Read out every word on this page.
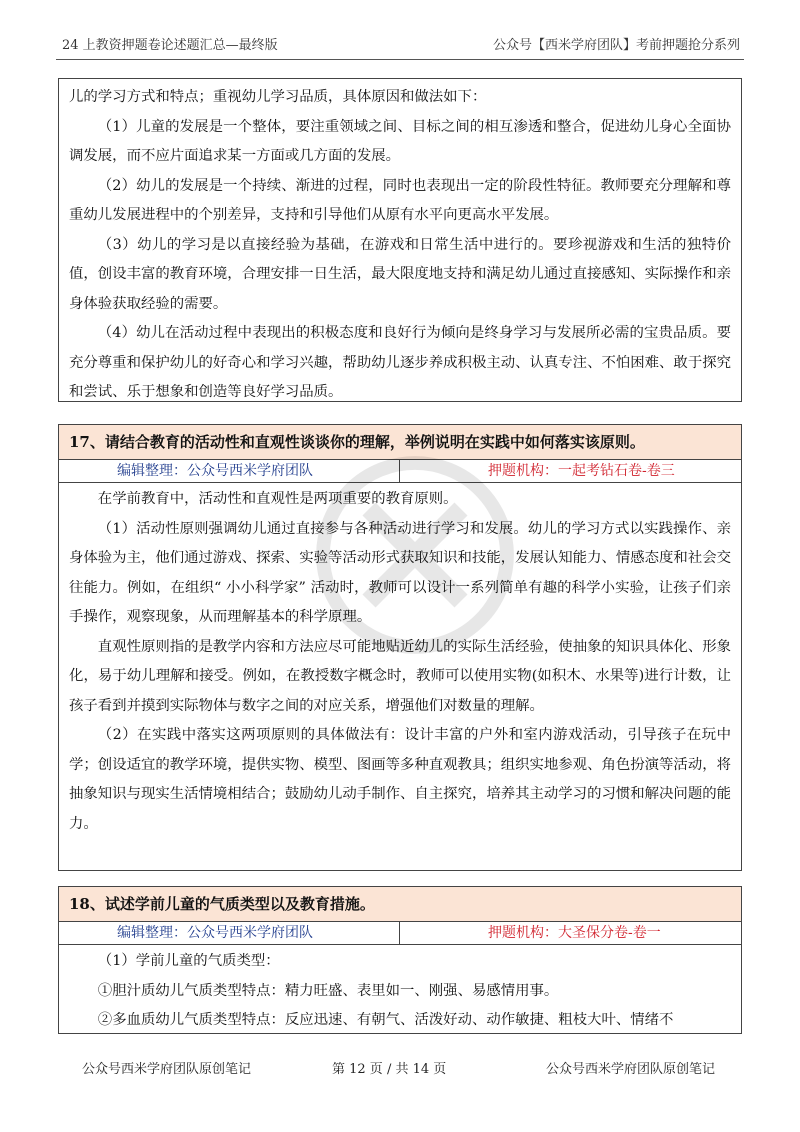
24 上教资押题卷论述题汇总—最终版	公众号【西米学府团队】考前押题抢分系列

儿的学习方式和特点；重视幼儿学习品质，具体原因和做法如下：

（1）儿童的发展是一个整体，要注重领域之间、目标之间的相互渗透和整合，促进幼儿身心全面协调发展，而不应片面追求某一方面或几方面的发展。

（2）幼儿的发展是一个持续、渐进的过程，同时也表现出一定的阶段性特征。教师要充分理解和尊重幼儿发展进程中的个别差异，支持和引导他们从原有水平向更高水平发展。

（3）幼儿的学习是以直接经验为基础，在游戏和日常生活中进行的。要珍视游戏和生活的独特价值，创设丰富的教育环境，合理安排一日生活，最大限度地支持和满足幼儿通过直接感知、实际操作和亲身体验获取经验的需要。

（4）幼儿在活动过程中表现出的积极态度和良好行为倾向是终身学习与发展所必需的宝贵品质。要充分尊重和保护幼儿的好奇心和学习兴趣，帮助幼儿逐步养成积极主动、认真专注、不怕困难、敢于探究和尝试、乐于想象和创造等良好学习品质。

17、请结合教育的活动性和直观性谈谈你的理解，举例说明在实践中如何落实该原则。
编辑整理：公众号西米学府团队	押题机构：一起考钻石卷-卷三

在学前教育中，活动性和直观性是两项重要的教育原则。

（1）活动性原则强调幼儿通过直接参与各种活动进行学习和发展。幼儿的学习方式以实践操作、亲身体验为主，他们通过游戏、探索、实验等活动形式获取知识和技能，发展认知能力、情感态度和社会交往能力。例如，在组织“ 小小科学家” 活动时，教师可以设计一系列简单有趣的科学小实验，让孩子们亲手操作，观察现象，从而理解基本的科学原理。

直观性原则指的是教学内容和方法应尽可能地贴近幼儿的实际生活经验，使抽象的知识具体化、形象化，易于幼儿理解和接受。例如，在教授数字概念时，教师可以使用实物(如积木、水果等)进行计数，让孩子看到并摸到实际物体与数字之间的对应关系，增强他们对数量的理解。

（2）在实践中落实这两项原则的具体做法有：设计丰富的户外和室内游戏活动，引导孩子在玩中学；创设适宜的教学环境，提供实物、模型、图画等多种直观教具；组织实地参观、角色扮演等活动，将抽象知识与现实生活情境相结合；鼓励幼儿动手制作、自主探究，培养其主动学习的习惯和解决问题的能力。

18、试述学前儿童的气质类型以及教育措施。
编辑整理：公众号西米学府团队	押题机构：大圣保分卷-卷一

（1）学前儿童的气质类型：

①胆汁质幼儿气质类型特点：精力旺盛、表里如一、刚强、易感情用事。

②多血质幼儿气质类型特点：反应迅速、有朝气、活泼好动、动作敏捷、粗枝大叶、情绪不

公众号西米学府团队原创笔记	第 12 页 / 共 14 页	公众号西米学府团队原创笔记
